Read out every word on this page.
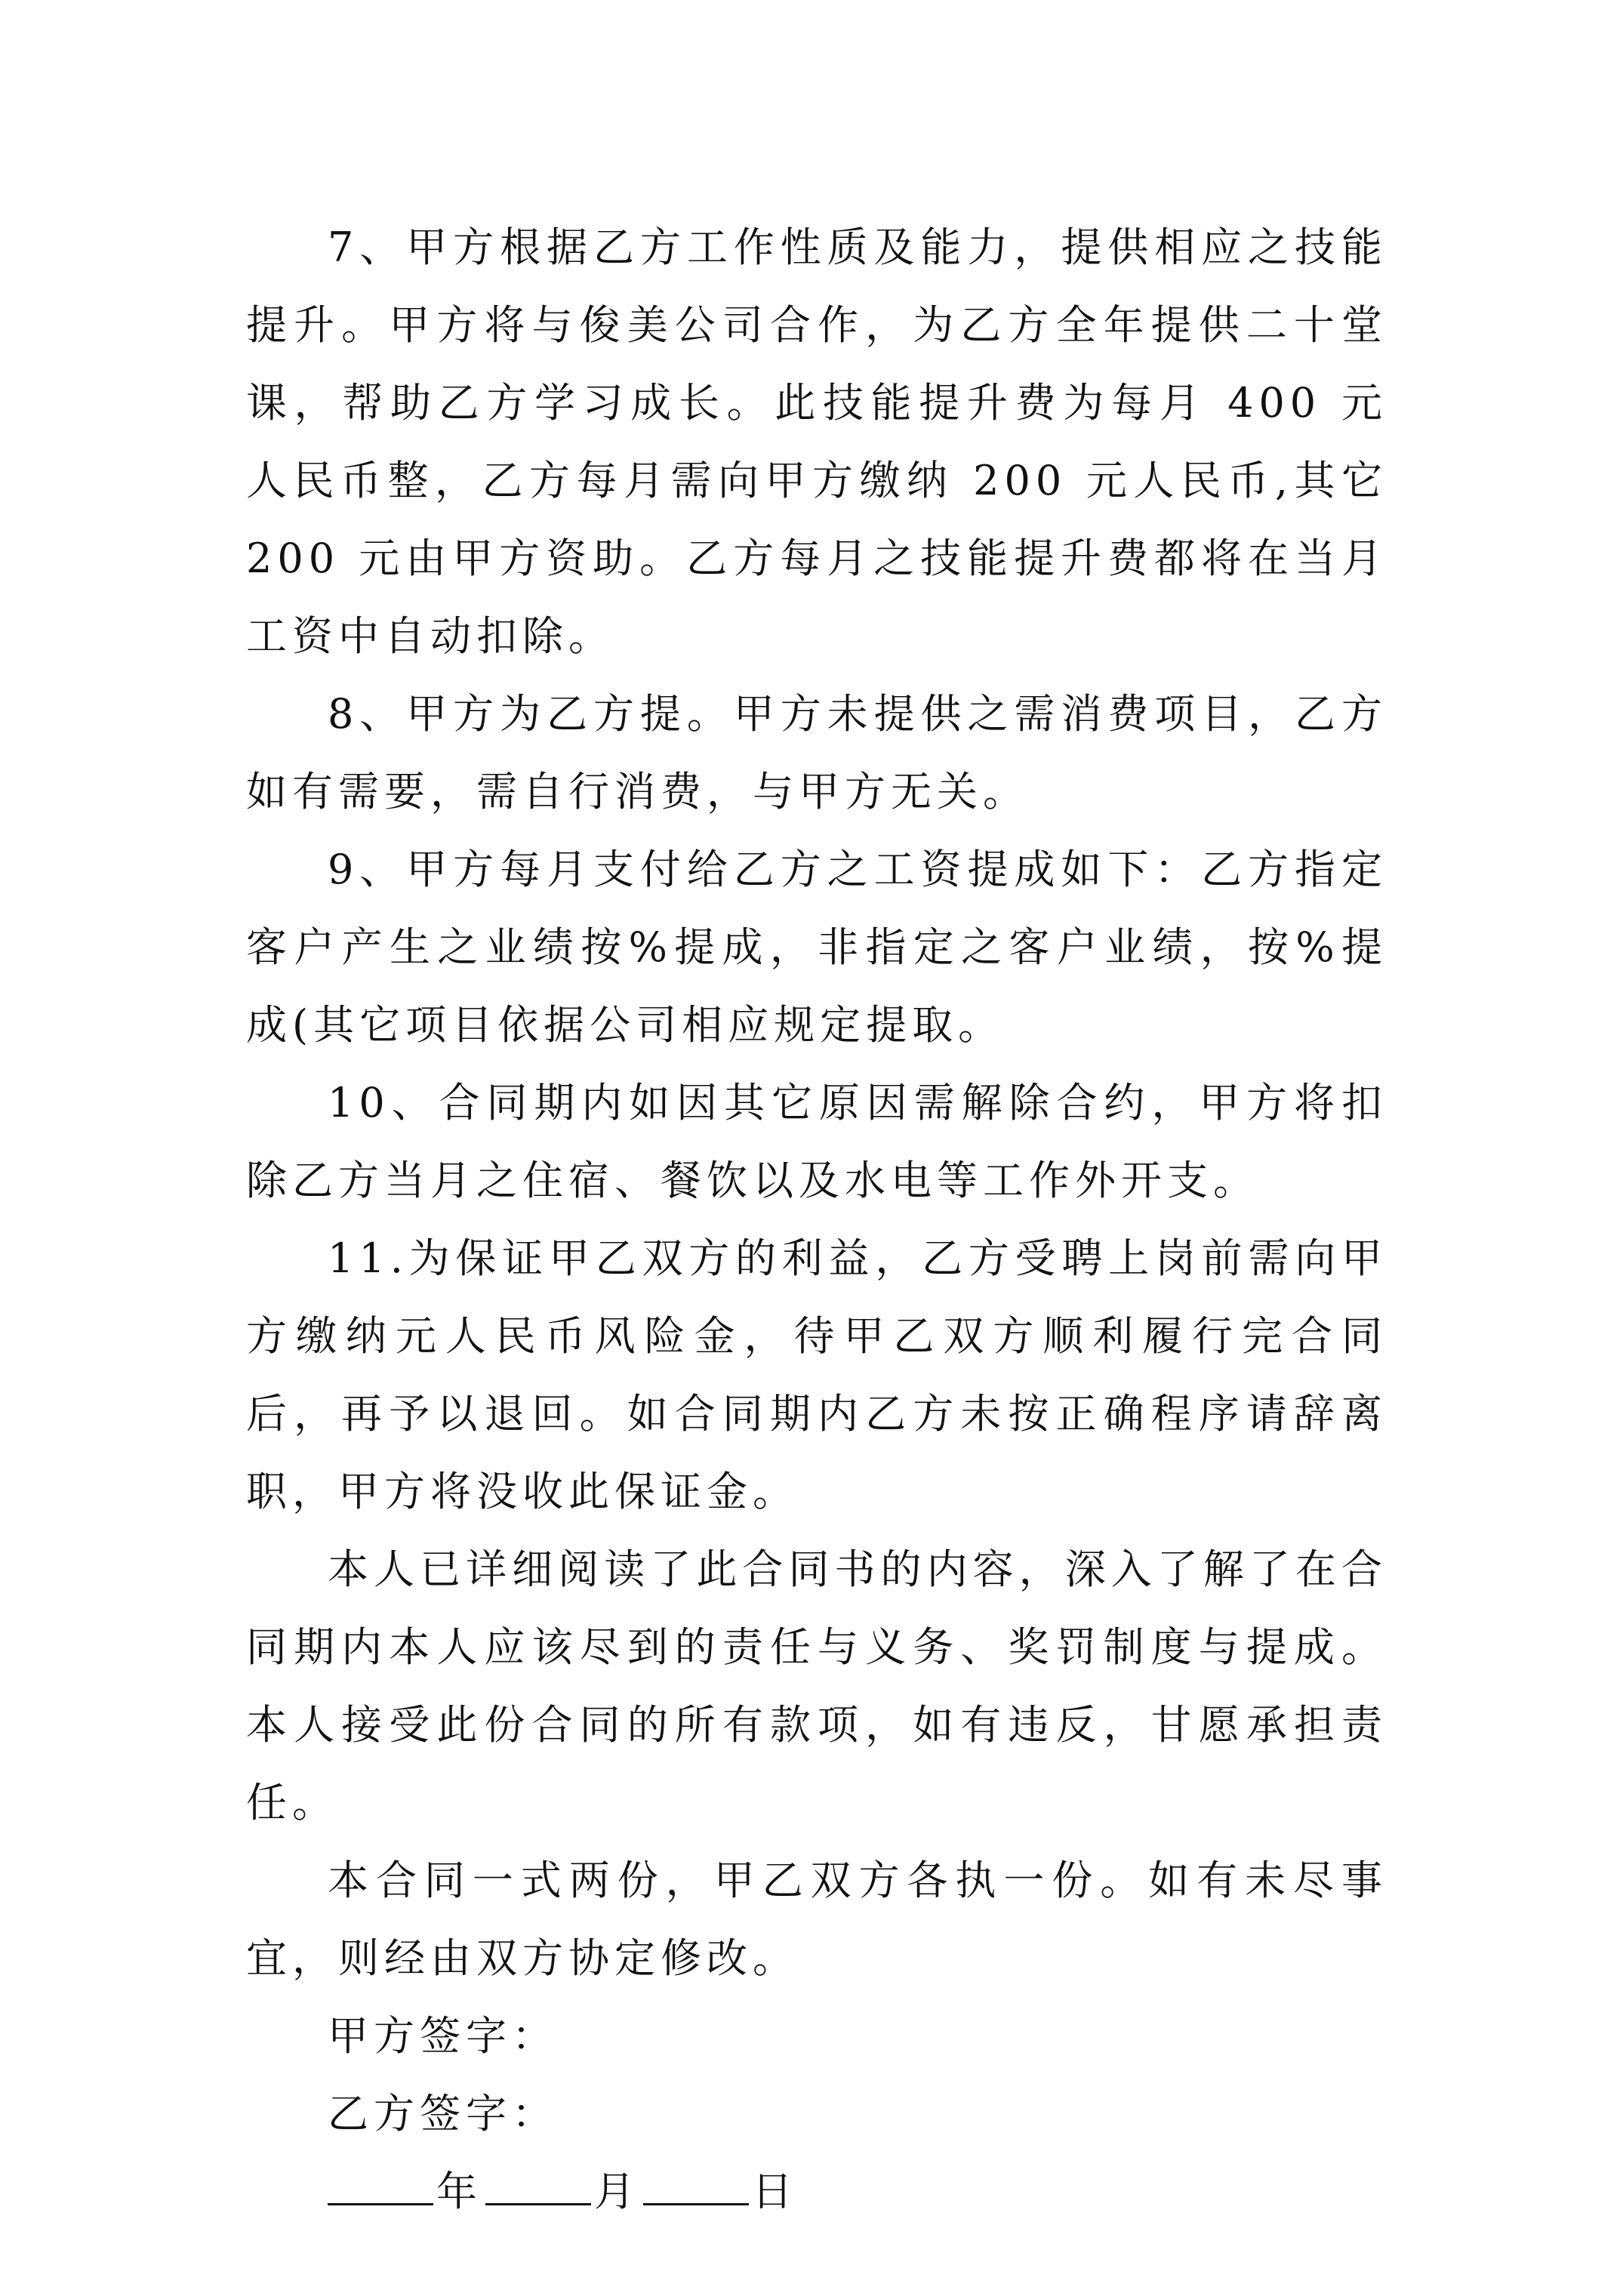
7、甲方根据乙方工作性质及能力，提供相应之技能提升。甲方将与俊美公司合作，为乙方全年提供二十堂课，帮助乙方学习成长。此技能提升费为每月 400 元人民币整，乙方每月需向甲方缴纳 200 元人民币,其它 200 元由甲方资助。乙方每月之技能提升费都将在当月工资中自动扣除。

8、甲方为乙方提。甲方未提供之需消费项目，乙方如有需要，需自行消费，与甲方无关。

9、甲方每月支付给乙方之工资提成如下：乙方指定客户产生之业绩按%提成，非指定之客户业绩，按%提成(其它项目依据公司相应规定提取。

10、合同期内如因其它原因需解除合约，甲方将扣除乙方当月之住宿、餐饮以及水电等工作外开支。

11.为保证甲乙双方的利益，乙方受聘上岗前需向甲方缴纳元人民币风险金，待甲乙双方顺利履行完合同后，再予以退回。如合同期内乙方未按正确程序请辞离职，甲方将没收此保证金。

本人已详细阅读了此合同书的内容，深入了解了在合同期内本人应该尽到的责任与义务、奖罚制度与提成。本人接受此份合同的所有款项，如有违反，甘愿承担责任。

本合同一式两份，甲乙双方各执一份。如有未尽事宜，则经由双方协定修改。

甲方签字：

乙方签字：

年	月	日
